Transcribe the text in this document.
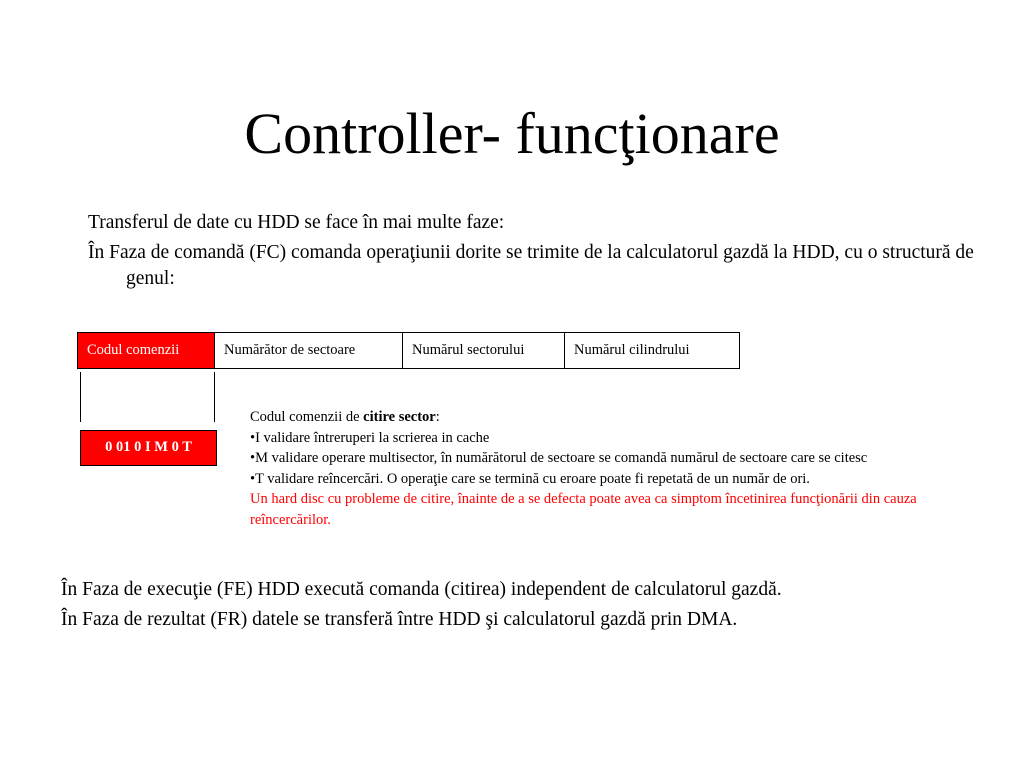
Controller- funcţionare

Transferul de date cu HDD se face în mai multe faze:

În Faza de comandă (FC) comanda operaţiunii dorite se trimite de la calculatorul gazdă la HDD, cu o structură de genul:

Codul comenzii	Numărător de sectoare	Numărul sectorului	Numărul cilindrului
0 01 0 I M 0 T
Codul comenzii de citire sector:
•I validare întreruperi la scrierea in cache
•M validare operare multisector, în numărătorul de sectoare se comandă numărul de sectoare care se citesc
•T validare reîncercări. O operaţie care se termină cu eroare poate fi repetată de un număr de ori.
Un hard disc cu probleme de citire, înainte de a se defecta poate avea ca simptom încetinirea funcţionării din cauza reîncercărilor.

În Faza de execuţie (FE) HDD execută comanda (citirea) independent de calculatorul gazdă.

În Faza de rezultat (FR) datele se transferă între HDD şi calculatorul gazdă prin DMA.
